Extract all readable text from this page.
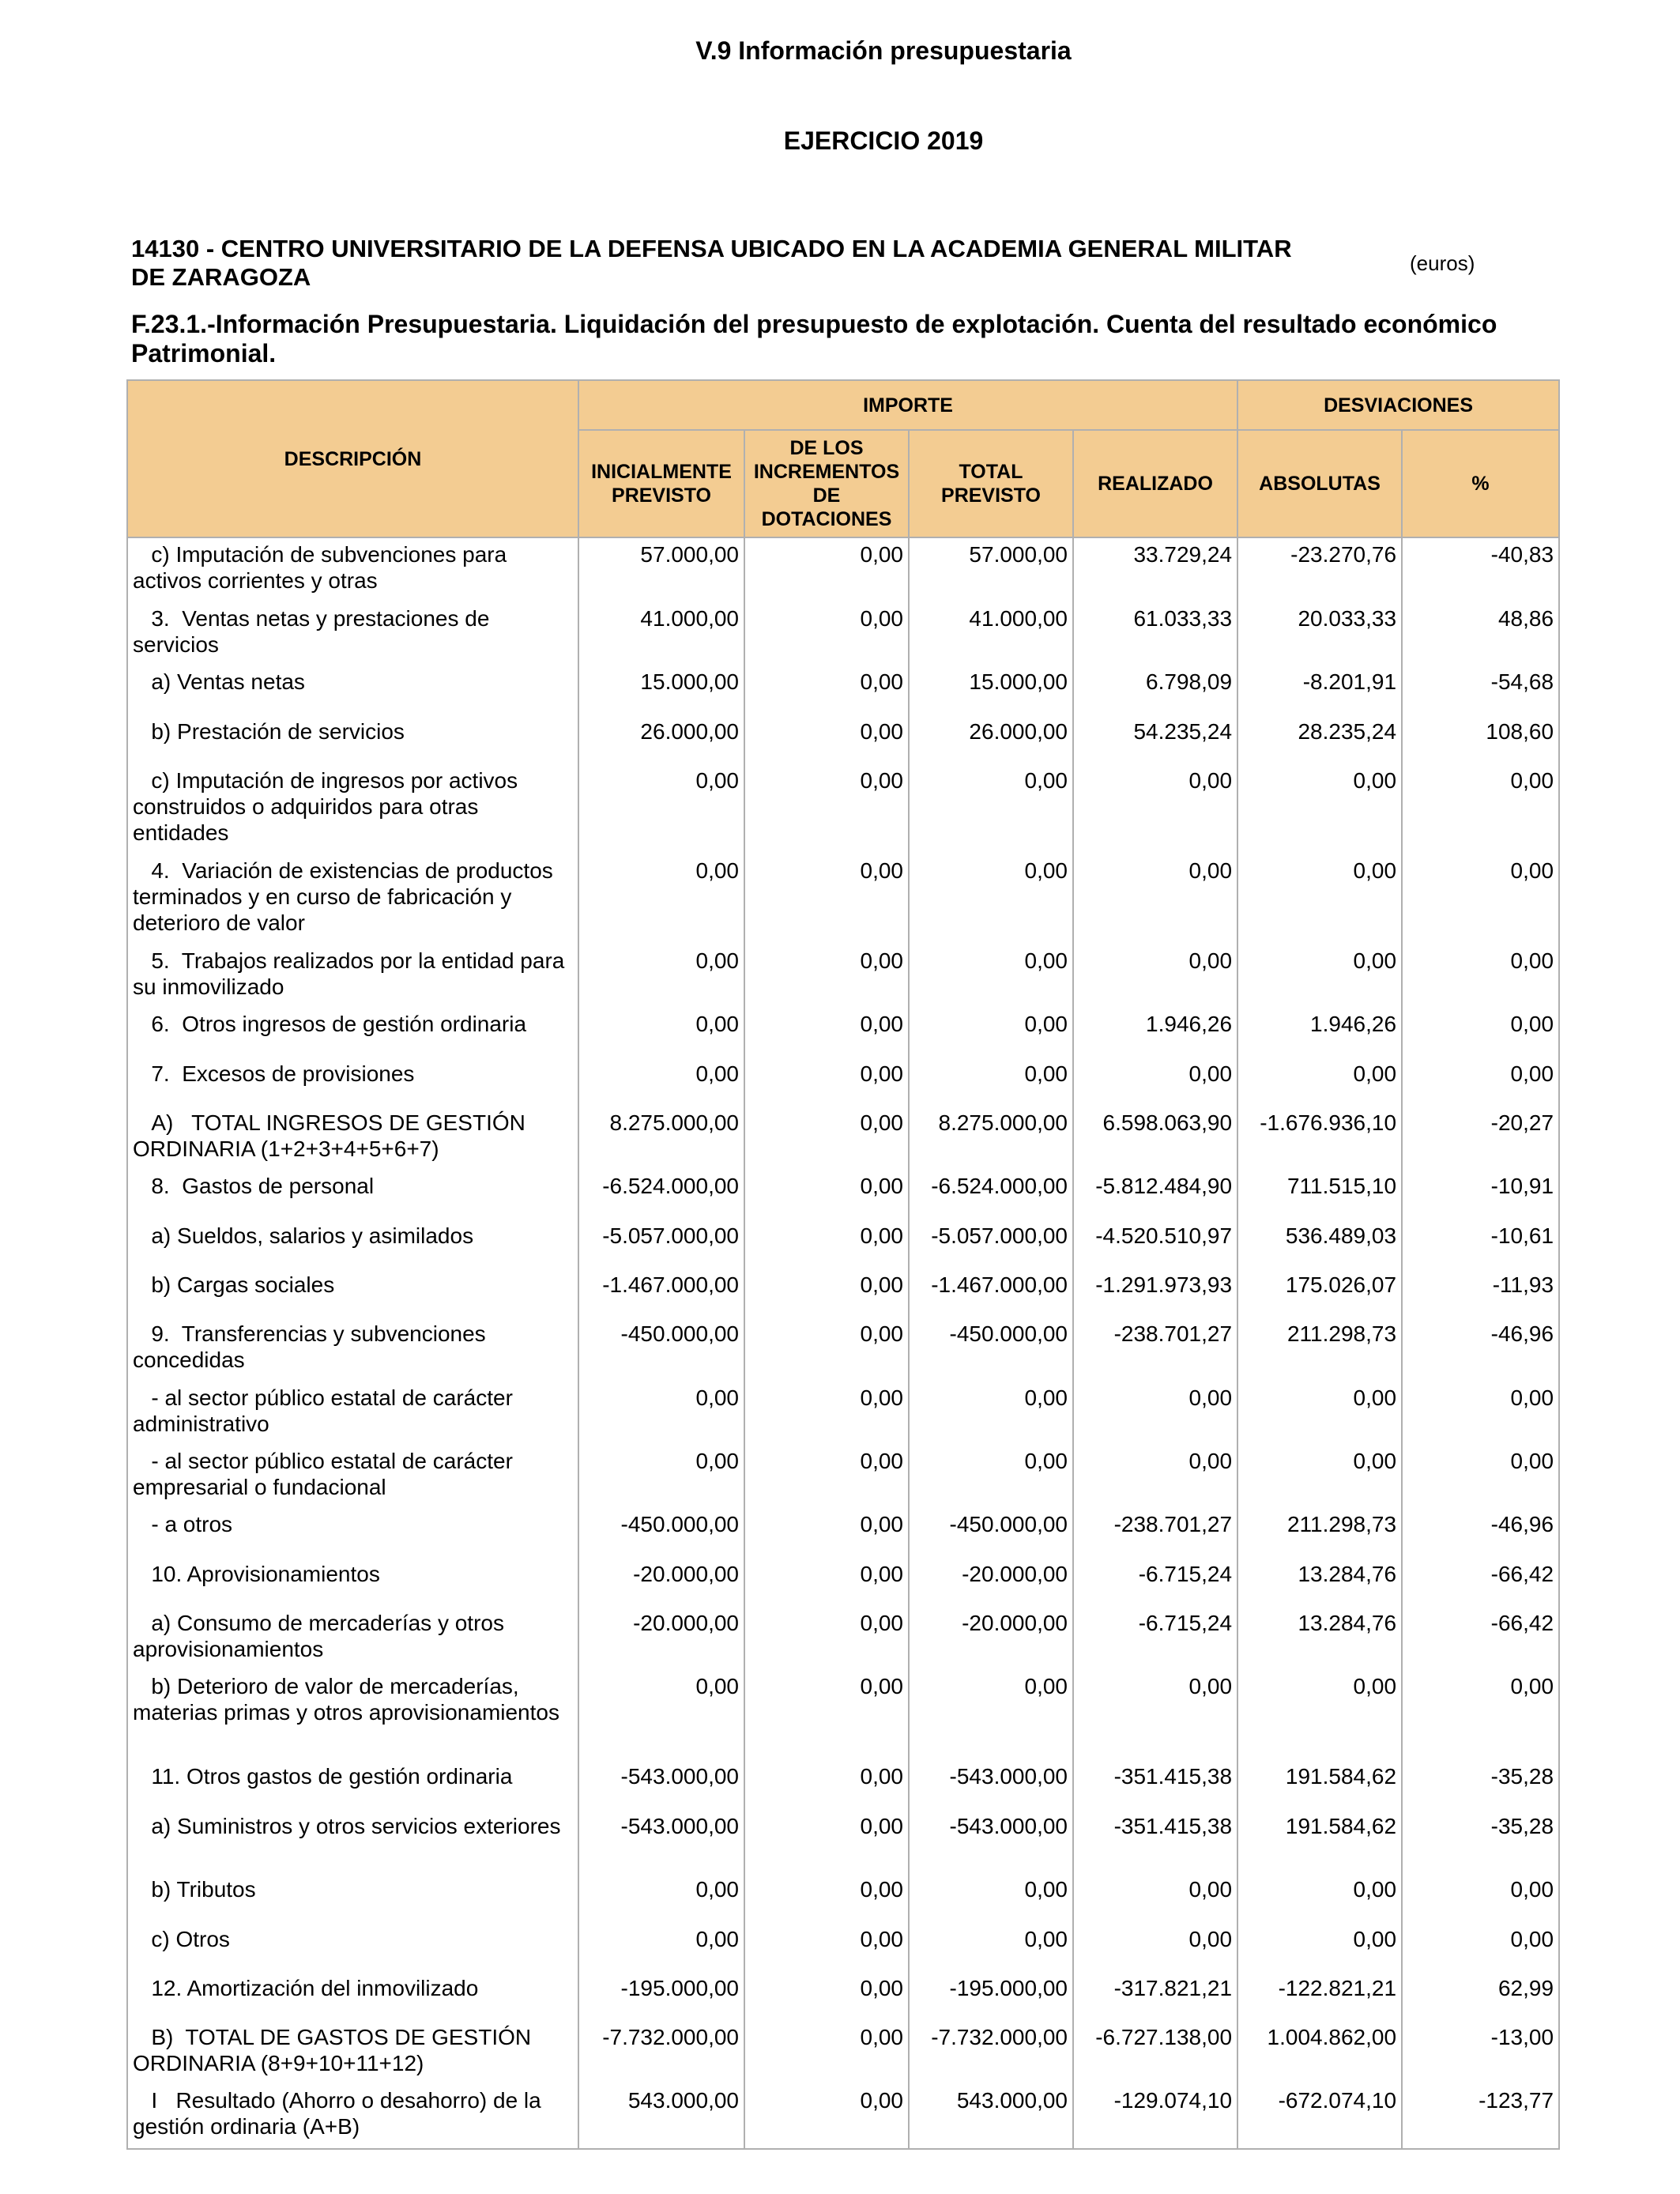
V.9 Información presupuestaria
EJERCICIO 2019
14130 - CENTRO UNIVERSITARIO DE LA DEFENSA UBICADO EN LA ACADEMIA GENERAL MILITAR DE ZARAGOZA	(euros)
F.23.1.-Información Presupuestaria. Liquidación del presupuesto de explotación. Cuenta del resultado económico Patrimonial.
DESCRIPCIÓN	IMPORTE				DESVIACIONES	
	INICIALMENTE PREVISTO	DE LOS INCREMENTOS DE DOTACIONES	TOTAL PREVISTO	REALIZADO	ABSOLUTAS	%
c) Imputación de subvenciones para activos corrientes y otras	57.000,00	0,00	57.000,00	33.729,24	-23.270,76	-40,83
3.  Ventas netas y prestaciones de servicios	41.000,00	0,00	41.000,00	61.033,33	20.033,33	48,86
a) Ventas netas	15.000,00	0,00	15.000,00	6.798,09	-8.201,91	-54,68
b) Prestación de servicios	26.000,00	0,00	26.000,00	54.235,24	28.235,24	108,60
c) Imputación de ingresos por activos construidos o adquiridos para otras entidades	0,00	0,00	0,00	0,00	0,00	0,00
4.  Variación de existencias de productos terminados y en curso de fabricación y deterioro de valor	0,00	0,00	0,00	0,00	0,00	0,00
5.  Trabajos realizados por la entidad para su inmovilizado	0,00	0,00	0,00	0,00	0,00	0,00
6.  Otros ingresos de gestión ordinaria	0,00	0,00	0,00	1.946,26	1.946,26	0,00
7.  Excesos de provisiones	0,00	0,00	0,00	0,00	0,00	0,00
A)   TOTAL INGRESOS DE GESTIÓN ORDINARIA (1+2+3+4+5+6+7)	8.275.000,00	0,00	8.275.000,00	6.598.063,90	-1.676.936,10	-20,27
8.  Gastos de personal	-6.524.000,00	0,00	-6.524.000,00	-5.812.484,90	711.515,10	-10,91
a) Sueldos, salarios y asimilados	-5.057.000,00	0,00	-5.057.000,00	-4.520.510,97	536.489,03	-10,61
b) Cargas sociales	-1.467.000,00	0,00	-1.467.000,00	-1.291.973,93	175.026,07	-11,93
9.  Transferencias y subvenciones concedidas	-450.000,00	0,00	-450.000,00	-238.701,27	211.298,73	-46,96
- al sector público estatal de carácter administrativo	0,00	0,00	0,00	0,00	0,00	0,00
- al sector público estatal de carácter empresarial o fundacional	0,00	0,00	0,00	0,00	0,00	0,00
- a otros	-450.000,00	0,00	-450.000,00	-238.701,27	211.298,73	-46,96
10. Aprovisionamientos	-20.000,00	0,00	-20.000,00	-6.715,24	13.284,76	-66,42
a) Consumo de mercaderías y otros aprovisionamientos	-20.000,00	0,00	-20.000,00	-6.715,24	13.284,76	-66,42
b) Deterioro de valor de mercaderías, materias primas y otros aprovisionamientos	0,00	0,00	0,00	0,00	0,00	0,00
11. Otros gastos de gestión ordinaria	-543.000,00	0,00	-543.000,00	-351.415,38	191.584,62	-35,28
a) Suministros y otros servicios exteriores	-543.000,00	0,00	-543.000,00	-351.415,38	191.584,62	-35,28
b) Tributos	0,00	0,00	0,00	0,00	0,00	0,00
c) Otros	0,00	0,00	0,00	0,00	0,00	0,00
12. Amortización del inmovilizado	-195.000,00	0,00	-195.000,00	-317.821,21	-122.821,21	62,99
B)  TOTAL DE GASTOS DE GESTIÓN ORDINARIA (8+9+10+11+12)	-7.732.000,00	0,00	-7.732.000,00	-6.727.138,00	1.004.862,00	-13,00
I   Resultado (Ahorro o desahorro) de la gestión ordinaria (A+B)	543.000,00	0,00	543.000,00	-129.074,10	-672.074,10	-123,77
